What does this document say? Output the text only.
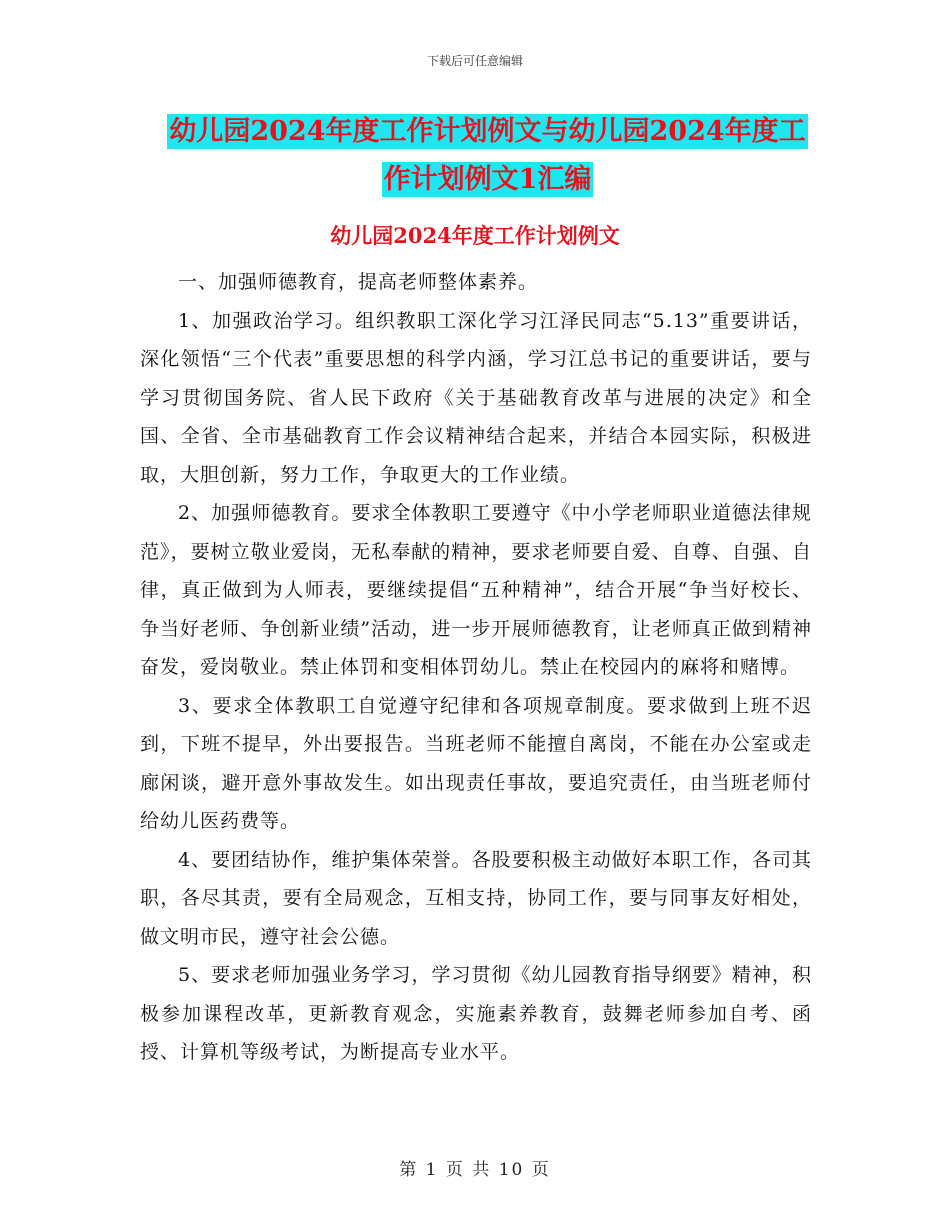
下载后可任意编辑
幼儿园2024年度工作计划例文与幼儿园2024年度工
作计划例文1汇编
幼儿园2024年度工作计划例文

一、加强师德教育，提高老师整体素养。

1、加强政治学习。组织教职工深化学习江泽民同志“5.13”重要讲话，深化领悟“三个代表”重要思想的科学内涵，学习江总书记的重要讲话，要与学习贯彻国务院、省人民下政府《关于基础教育改革与进展的决定》和全国、全省、全市基础教育工作会议精神结合起来，并结合本园实际，积极进取，大胆创新，努力工作，争取更大的工作业绩。

2、加强师德教育。要求全体教职工要遵守《中小学老师职业道德法律规范》，要树立敬业爱岗，无私奉献的精神，要求老师要自爱、自尊、自强、自律，真正做到为人师表，要继续提倡“五种精神”，结合开展“争当好校长、争当好老师、争创新业绩”活动，进一步开展师德教育，让老师真正做到精神奋发，爱岗敬业。禁止体罚和变相体罚幼儿。禁止在校园内的麻将和赌博。

3、要求全体教职工自觉遵守纪律和各项规章制度。要求做到上班不迟到，下班不提早，外出要报告。当班老师不能擅自离岗，不能在办公室或走廊闲谈，避开意外事故发生。如出现责任事故，要追究责任，由当班老师付给幼儿医药费等。

4、要团结协作，维护集体荣誉。各股要积极主动做好本职工作，各司其职，各尽其责，要有全局观念，互相支持，协同工作，要与同事友好相处，做文明市民，遵守社会公德。

5、要求老师加强业务学习，学习贯彻《幼儿园教育指导纲要》精神，积极参加课程改革，更新教育观念，实施素养教育，鼓舞老师参加自考、函授、计算机等级考试，为断提高专业水平。

第 1 页 共 10 页
